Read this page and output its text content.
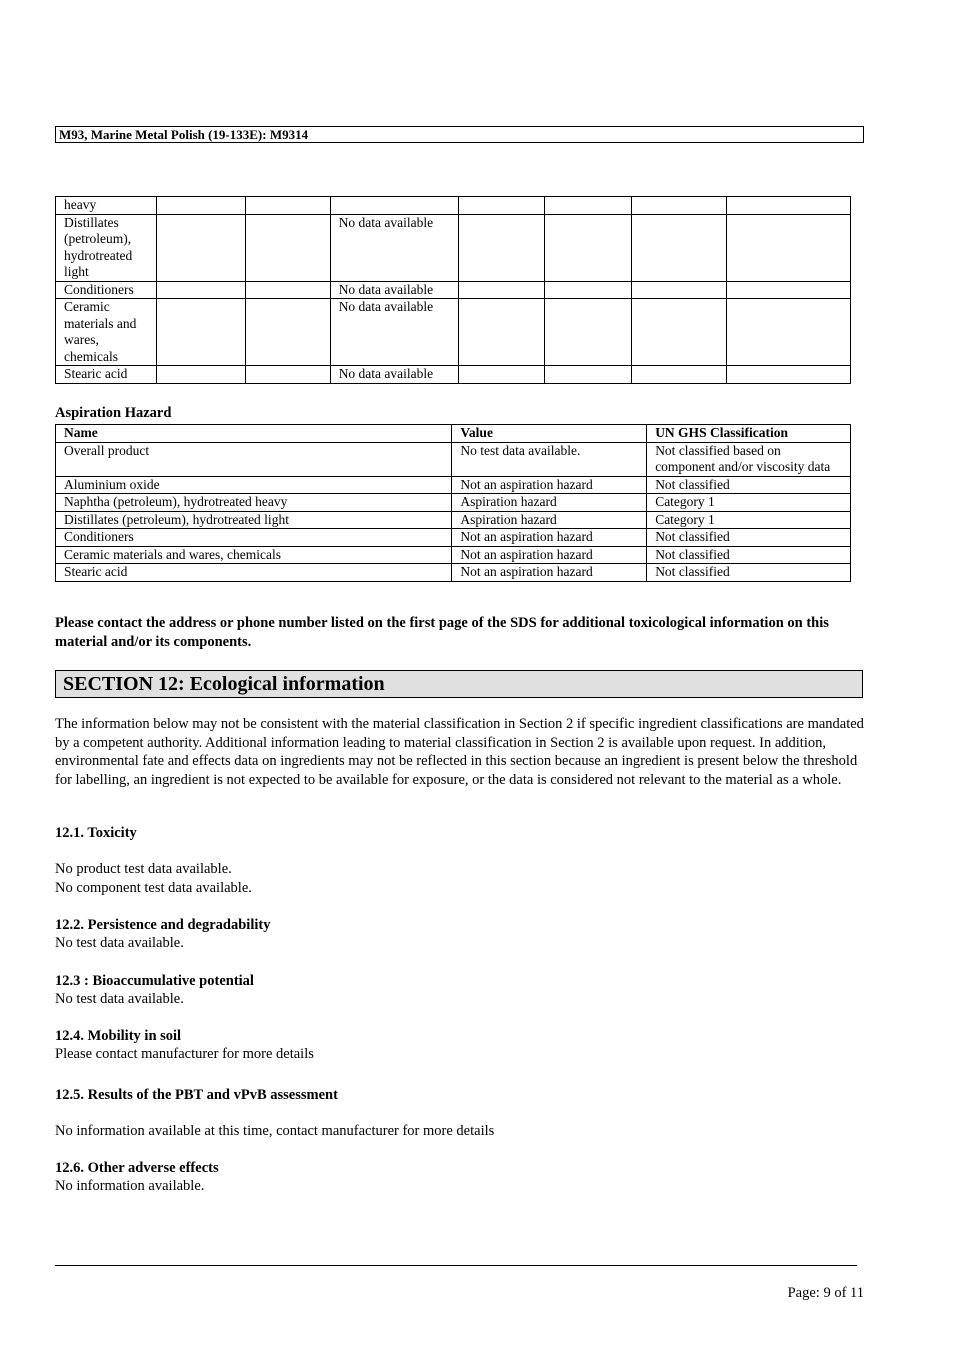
M93, Marine Metal Polish (19-133E): M9314
heavy							
Distillates (petroleum), hydrotreated light			No data available				
Conditioners			No data available				
Ceramic materials and wares, chemicals			No data available				
Stearic acid			No data available				
Aspiration Hazard
Name	Value	UN GHS Classification
Overall product	No test data available.	Not classified based on component and/or viscosity data
Aluminium oxide	Not an aspiration hazard	Not classified
Naphtha (petroleum), hydrotreated heavy	Aspiration hazard	Category 1
Distillates (petroleum), hydrotreated light	Aspiration hazard	Category 1
Conditioners	Not an aspiration hazard	Not classified
Ceramic materials and wares, chemicals	Not an aspiration hazard	Not classified
Stearic acid	Not an aspiration hazard	Not classified
Please contact the address or phone number listed on the first page of the SDS for additional toxicological information on this material and/or its components.
SECTION 12: Ecological information
The information below may not be consistent with the material classification in Section 2 if specific ingredient classifications are mandated by a competent authority. Additional information leading to material classification in Section 2 is available upon request. In addition, environmental fate and effects data on ingredients may not be reflected in this section because an ingredient is present below the threshold for labelling, an ingredient is not expected to be available for exposure, or the data is considered not relevant to the material as a whole.
12.1. Toxicity
No product test data available.
No component test data available.
12.2. Persistence and degradability
No test data available.
12.3 : Bioaccumulative potential
No test data available.
12.4. Mobility in soil
Please contact manufacturer for more details
12.5. Results of the PBT and vPvB assessment
No information available at this time, contact manufacturer for more details
12.6. Other adverse effects
No information available.
Page: 9 of 11
